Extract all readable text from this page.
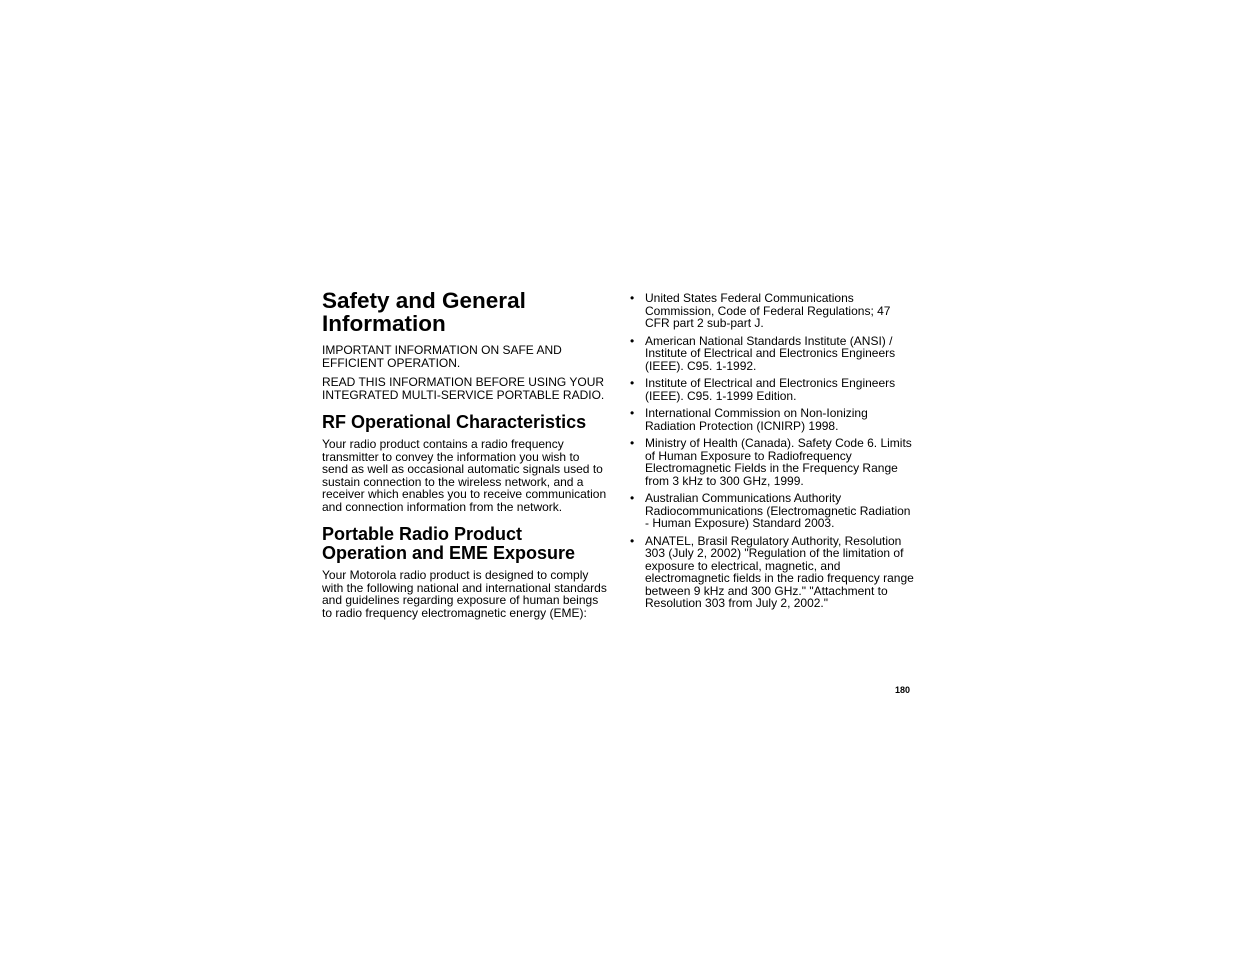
Safety and General Information

IMPORTANT INFORMATION ON SAFE AND EFFICIENT OPERATION.

READ THIS INFORMATION BEFORE USING YOUR INTEGRATED MULTI-SERVICE PORTABLE RADIO.

RF Operational Characteristics

Your radio product contains a radio frequency transmitter to convey the information you wish to send as well as occasional automatic signals used to sustain connection to the wireless network, and a receiver which enables you to receive communication and connection information from the network.

Portable Radio Product Operation and EME Exposure

Your Motorola radio product is designed to comply with the following national and international standards and guidelines regarding exposure of human beings to radio frequency electromagnetic energy (EME):

• United States Federal Communications Commission, Code of Federal Regulations; 47 CFR part 2 sub-part J.
• American National Standards Institute (ANSI) / Institute of Electrical and Electronics Engineers (IEEE). C95. 1-1992.
• Institute of Electrical and Electronics Engineers (IEEE). C95. 1-1999 Edition.
• International Commission on Non-Ionizing Radiation Protection (ICNIRP) 1998.
• Ministry of Health (Canada). Safety Code 6. Limits of Human Exposure to Radiofrequency Electromagnetic Fields in the Frequency Range from 3 kHz to 300 GHz, 1999.
• Australian Communications Authority Radiocommunications (Electromagnetic Radiation - Human Exposure) Standard 2003.
• ANATEL, Brasil Regulatory Authority, Resolution 303 (July 2, 2002) "Regulation of the limitation of exposure to electrical, magnetic, and electromagnetic fields in the radio frequency range between 9 kHz and 300 GHz." "Attachment to Resolution 303 from July 2, 2002."
180
